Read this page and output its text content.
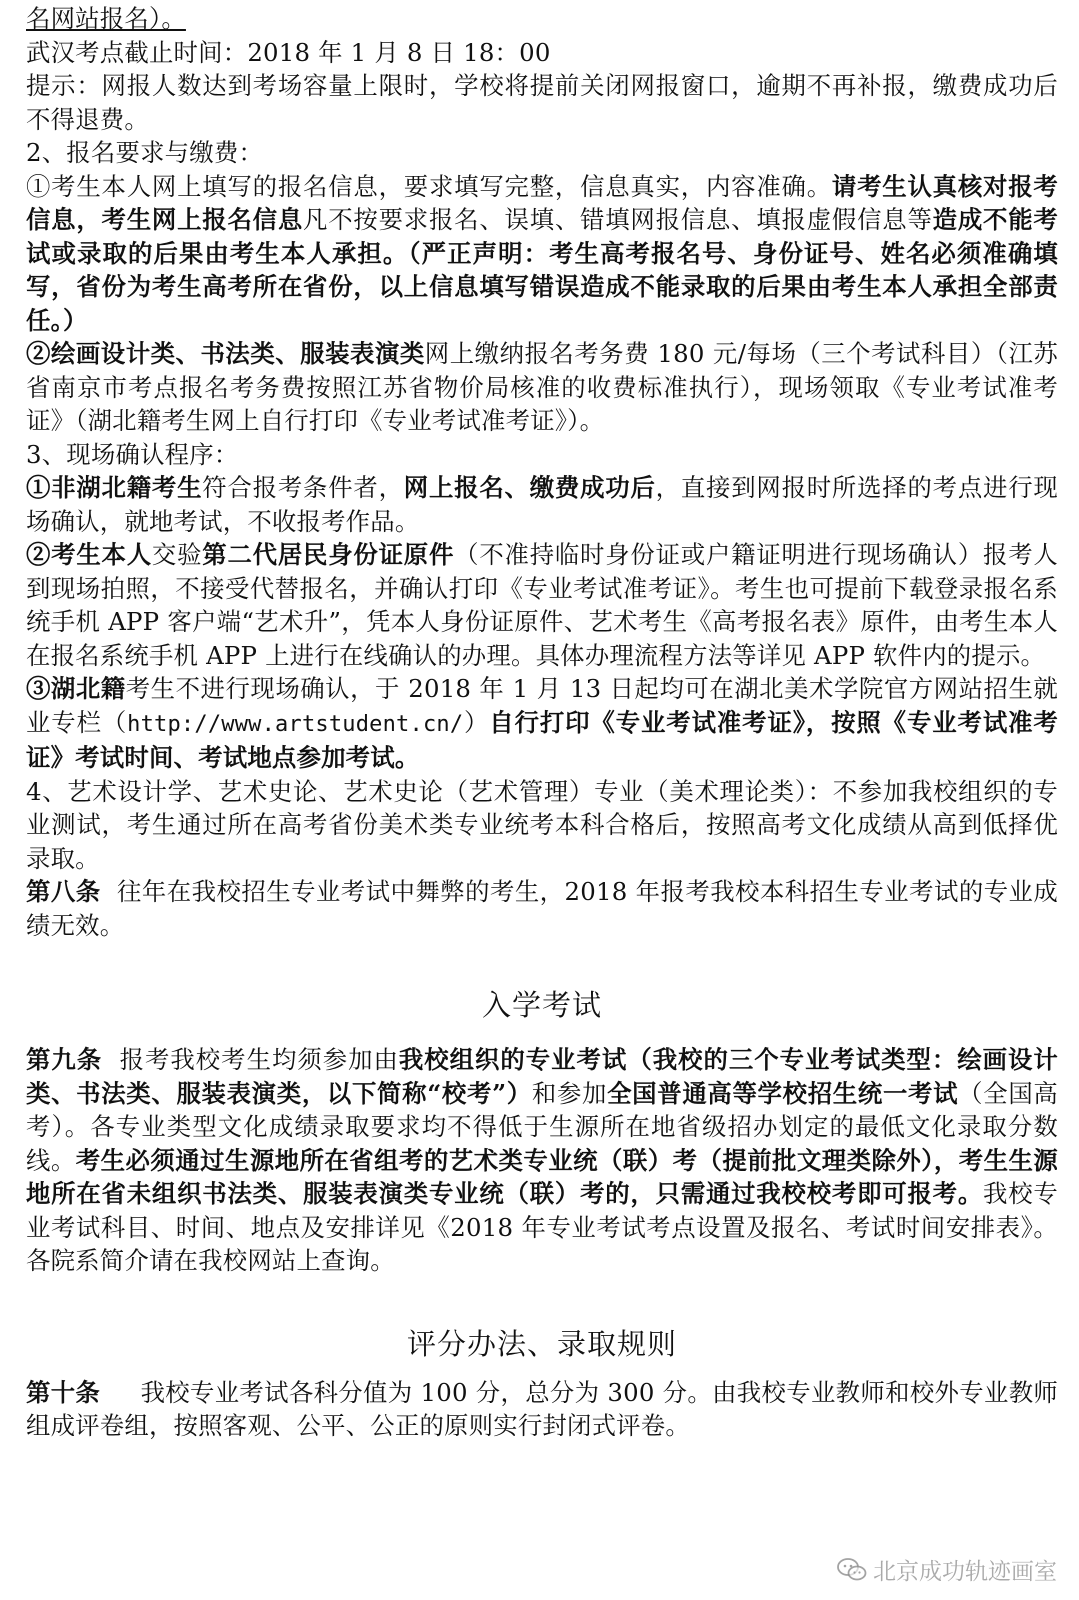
名网站报名）。

武汉考点截止时间：2018 年 1 月 8 日 18：00

提示：网报人数达到考场容量上限时，学校将提前关闭网报窗口，逾期不再补报，缴费成功后不得退费。

2、报名要求与缴费：

①考生本人网上填写的报名信息，要求填写完整，信息真实，内容准确。请考生认真核对报考信息，考生网上报名信息凡不按要求报名、误填、错填网报信息、填报虚假信息等造成不能考试或录取的后果由考生本人承担。（严正声明：考生高考报名号、身份证号、姓名必须准确填写，省份为考生高考所在省份，以上信息填写错误造成不能录取的后果由考生本人承担全部责任。）

②绘画设计类、书法类、服装表演类网上缴纳报名考务费 180 元/每场（三个考试科目）（江苏省南京市考点报名考务费按照江苏省物价局核准的收费标准执行），现场领取《专业考试准考证》（湖北籍考生网上自行打印《专业考试准考证》）。

3、现场确认程序：

①非湖北籍考生符合报考条件者，网上报名、缴费成功后，直接到网报时所选择的考点进行现场确认，就地考试，不收报考作品。

②考生本人交验第二代居民身份证原件（不准持临时身份证或户籍证明进行现场确认）报考人到现场拍照，不接受代替报名，并确认打印《专业考试准考证》。考生也可提前下载登录报名系统手机 APP 客户端“艺术升”，凭本人身份证原件、艺术考生《高考报名表》原件，由考生本人在报名系统手机 APP 上进行在线确认的办理。具体办理流程方法等详见 APP 软件内的提示。

③湖北籍考生不进行现场确认，于 2018 年 1 月 13 日起均可在湖北美术学院官方网站招生就业专栏（http://www.artstudent.cn/）自行打印《专业考试准考证》，按照《专业考试准考证》考试时间、考试地点参加考试。

4、艺术设计学、艺术史论、艺术史论（艺术管理）专业（美术理论类）：不参加我校组织的专业测试，考生通过所在高考省份美术类专业统考本科合格后，按照高考文化成绩从高到低择优录取。

第八条 往年在我校招生专业考试中舞弊的考生，2018 年报考我校本科招生专业考试的专业成绩无效。

入学考试

第九条 报考我校考生均须参加由我校组织的专业考试（我校的三个专业考试类型：绘画设计类、书法类、服装表演类，以下简称“校考”）和参加全国普通高等学校招生统一考试（全国高考）。各专业类型文化成绩录取要求均不得低于生源所在地省级招办划定的最低文化录取分数线。考生必须通过生源地所在省组考的艺术类专业统（联）考（提前批文理类除外），考生生源地所在省未组织书法类、服装表演类专业统（联）考的，只需通过我校校考即可报考。我校专业考试科目、时间、地点及安排详见《2018 年专业考试考点设置及报名、考试时间安排表》。各院系简介请在我校网站上查询。

评分办法、录取规则

第十条 我校专业考试各科分值为 100 分，总分为 300 分。由我校专业教师和校外专业教师组成评卷组，按照客观、公平、公正的原则实行封闭式评卷。

北京成功轨迹画室
